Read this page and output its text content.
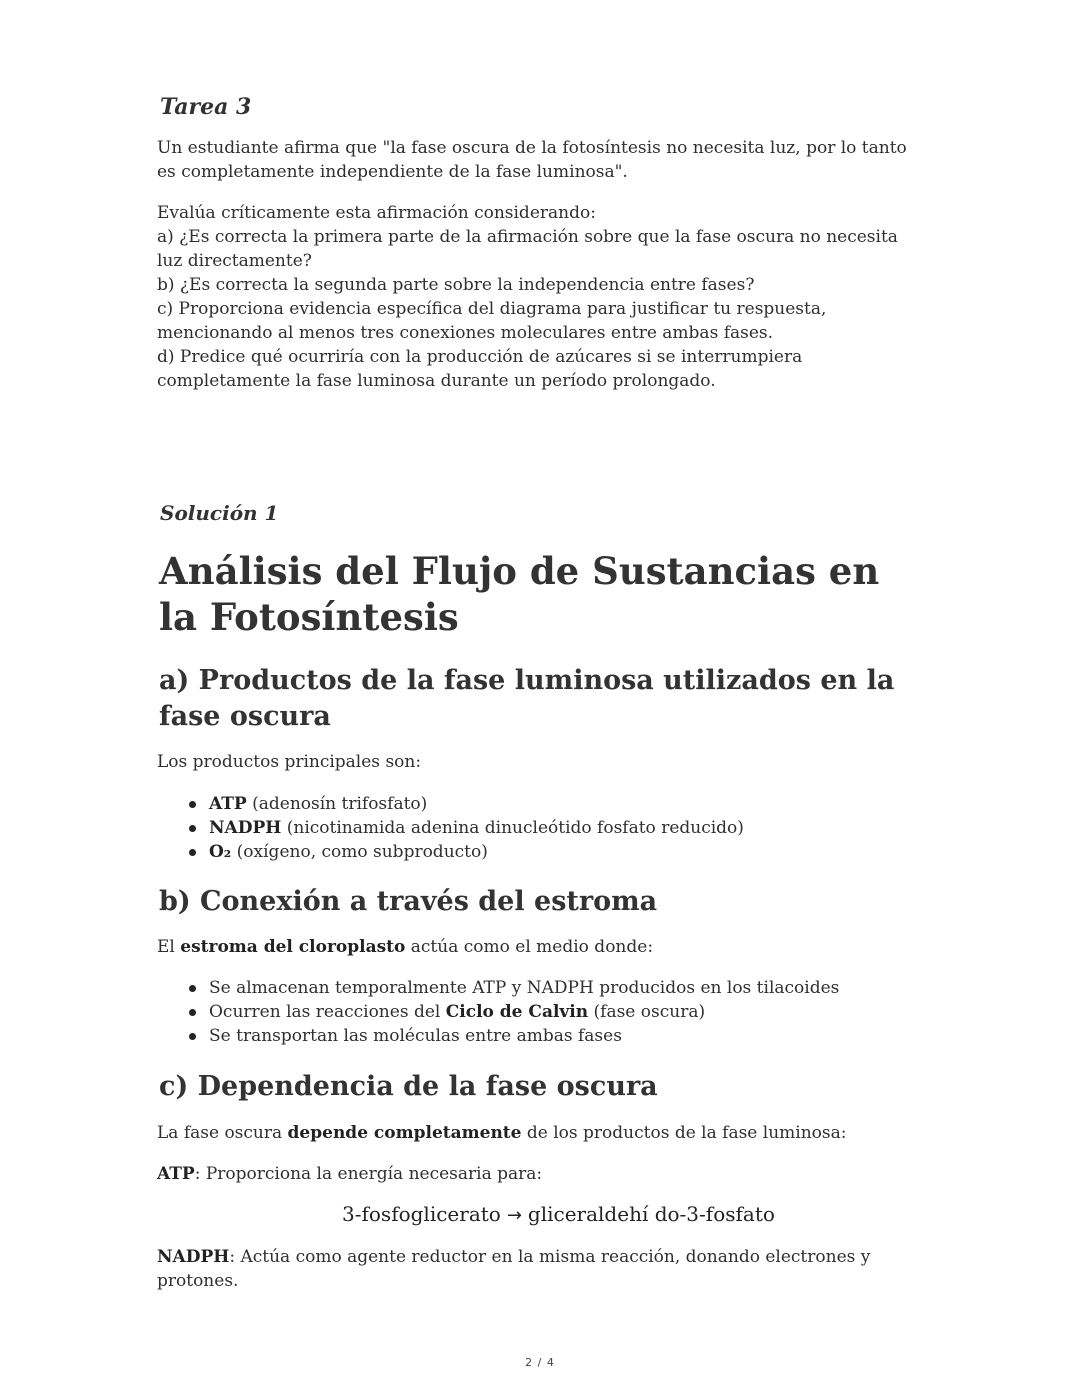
Tarea 3

Un estudiante afirma que "la fase oscura de la fotosíntesis no necesita luz, por lo tanto es completamente independiente de la fase luminosa".

Evalúa críticamente esta afirmación considerando:
a) ¿Es correcta la primera parte de la afirmación sobre que la fase oscura no necesita luz directamente?
b) ¿Es correcta la segunda parte sobre la independencia entre fases?
c) Proporciona evidencia específica del diagrama para justificar tu respuesta, mencionando al menos tres conexiones moleculares entre ambas fases.
d) Predice qué ocurriría con la producción de azúcares si se interrumpiera completamente la fase luminosa durante un período prolongado.
Solución 1
Análisis del Flujo de Sustancias en la Fotosíntesis
a) Productos de la fase luminosa utilizados en la fase oscura

Los productos principales son:

ATP (adenosín trifosfato)
NADPH (nicotinamida adenina dinucleótido fosfato reducido)
O₂ (oxígeno, como subproducto)
b) Conexión a través del estroma

El estroma del cloroplasto actúa como el medio donde:

Se almacenan temporalmente ATP y NADPH producidos en los tilacoides
Ocurren las reacciones del Ciclo de Calvin (fase oscura)
Se transportan las moléculas entre ambas fases
c) Dependencia de la fase oscura

La fase oscura depende completamente de los productos de la fase luminosa:

ATP: Proporciona la energía necesaria para:

3-fosfoglicerato → gliceraldehí do-3-fosfato

NADPH: Actúa como agente reductor en la misma reacción, donando electrones y protones.

2 / 4
